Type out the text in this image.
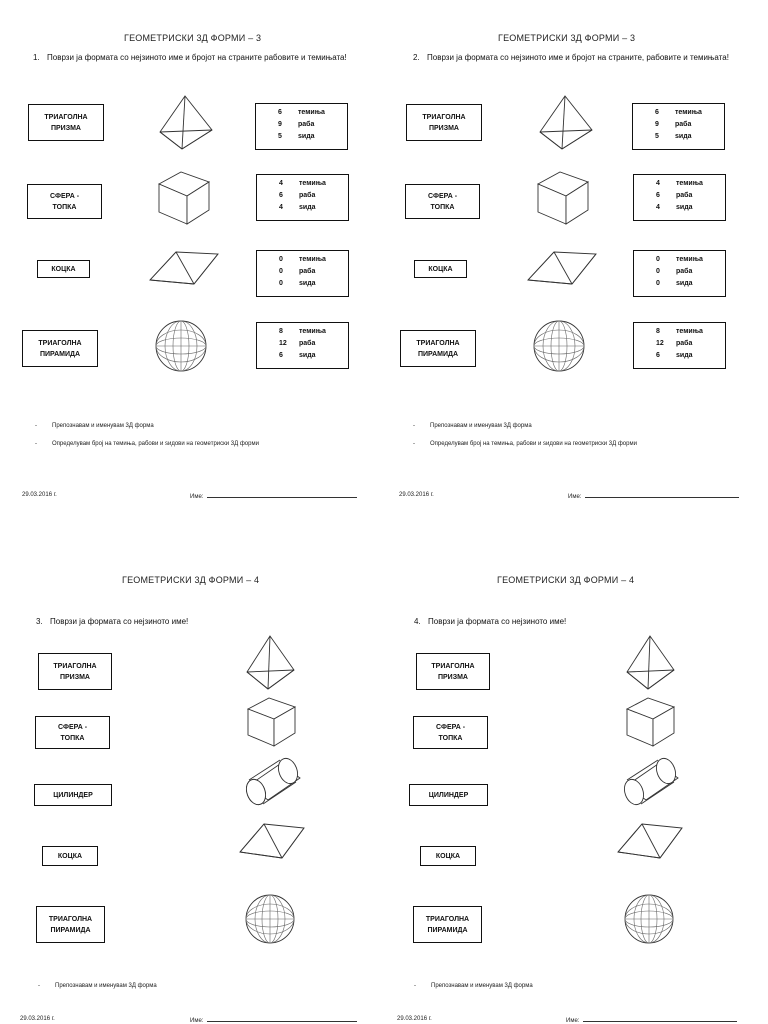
ГЕОМЕТРИСКИ 3Д ФОРМИ – 3
1. Поврзи ја формата со нејзиното име и бројот на страните рабовите и темињата!
ТРИАГОЛНА
ПРИЗМА
СФЕРА -
ТОПКА
КОЦКА
ТРИАГОЛНА
ПИРАМИДА
6 темиња
9 раба
5 ѕида
4 темиња
6 раба
4 ѕида
0 темиња
0 раба
0 ѕида
8 темиња
12 раба
6 ѕида
-	Препознавам и именувам 3Д форма
-	Определувам број на темиња, рабови и ѕидови на геометриски 3Д форми
29.03.2016 г.	Име:
ГЕОМЕТРИСКИ 3Д ФОРМИ – 3
2. Поврзи ја формата со нејзиното име и бројот на страните, рабовите и темињата!
ТРИАГОЛНА
ПРИЗМА
СФЕРА -
ТОПКА
КОЦКА
ТРИАГОЛНА
ПИРАМИДА
6 темиња
9 раба
5 ѕида
4 темиња
6 раба
4 ѕида
0 темиња
0 раба
0 ѕида
8 темиња
12 раба
6 ѕида
-	Препознавам и именувам 3Д форма
-	Определувам број на темиња, рабови и ѕидови на геометриски 3Д форми
29.03.2016 г.	Име:
ГЕОМЕТРИСКИ 3Д ФОРМИ – 4
3. Поврзи ја формата со нејзиното име!
ТРИАГОЛНА
ПРИЗМА
СФЕРА -
ТОПКА
ЦИЛИНДЕР
КОЦКА
ТРИАГОЛНА
ПИРАМИДА
-	Препознавам и именувам 3Д форма
29.03.2016 г.	Име:
ГЕОМЕТРИСКИ 3Д ФОРМИ – 4
4. Поврзи ја формата со нејзиното име!
ТРИАГОЛНА
ПРИЗМА
СФЕРА -
ТОПКА
ЦИЛИНДЕР
КОЦКА
ТРИАГОЛНА
ПИРАМИДА
-	Препознавам и именувам 3Д форма
29.03.2016 г.	Име:
